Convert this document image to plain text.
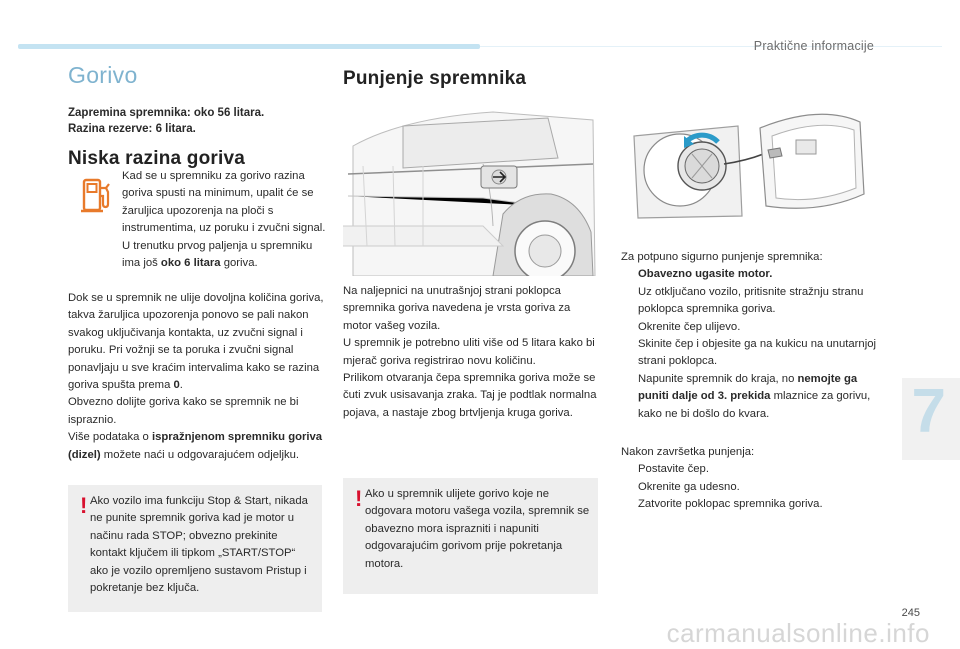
Praktične informacije
Gorivo
Zapremina spremnika: oko 56 litara.
Razina rezerve: 6 litara.
Niska razina goriva
Kad se u spremniku za gorivo razina goriva spusti na minimum, upalit će se žaruljica upozorenja na ploči s instrumentima, uz poruku i zvučni signal. U trenutku prvog paljenja u spremniku ima još oko 6 litara goriva.
Dok se u spremnik ne ulije dovoljna količina goriva, takva žaruljica upozorenja ponovo se pali nakon svakog uključivanja kontakta, uz zvučni signal i poruku. Pri vožnji se ta poruka i zvučni signal ponavljaju u sve kraćim intervalima kako se razina goriva spušta prema 0.
Obvezno dolijte goriva kako se spremnik ne bi ispraznio.
Više podataka o ispražnjenom spremniku goriva (dizel) možete naći u odgovarajućem odjeljku.
! Ako vozilo ima funkciju Stop & Start, nikada ne punite spremnik goriva kad je motor u načinu rada STOP; obvezno prekinite kontakt ključem ili tipkom „START/STOP“ ako je vozilo opremljeno sustavom Pristup i pokretanje bez ključa.
Punjenje spremnika
Na naljepnici na unutrašnjoj strani poklopca spremnika goriva navedena je vrsta goriva za motor vašeg vozila.
U spremnik je potrebno uliti više od 5 litara kako bi mjerač goriva registrirao novu količinu.
Prilikom otvaranja čepa spremnika goriva može se čuti zvuk usisavanja zraka. Taj je podtlak normalna pojava, a nastaje zbog brtvljenja kruga goriva.
! Ako u spremnik ulijete gorivo koje ne odgovara motoru vašega vozila, spremnik se obavezno mora isprazniti i napuniti odgovarajućim gorivom prije pokretanja motora.
Za potpuno sigurno punjenje spremnika:
Obavezno ugasite motor.
Uz otključano vozilo, pritisnite stražnju stranu poklopca spremnika goriva.
Okrenite čep ulijevo.
Skinite čep i objesite ga na kukicu na unutarnjoj strani poklopca.
Napunite spremnik do kraja, no nemojte ga puniti dalje od 3. prekida mlaznice za gorivu, kako ne bi došlo do kvara.
Nakon završetka punjenja:
Postavite čep.
Okrenite ga udesno.
Zatvorite poklopac spremnika goriva.
7
245
carmanualsonline.info
